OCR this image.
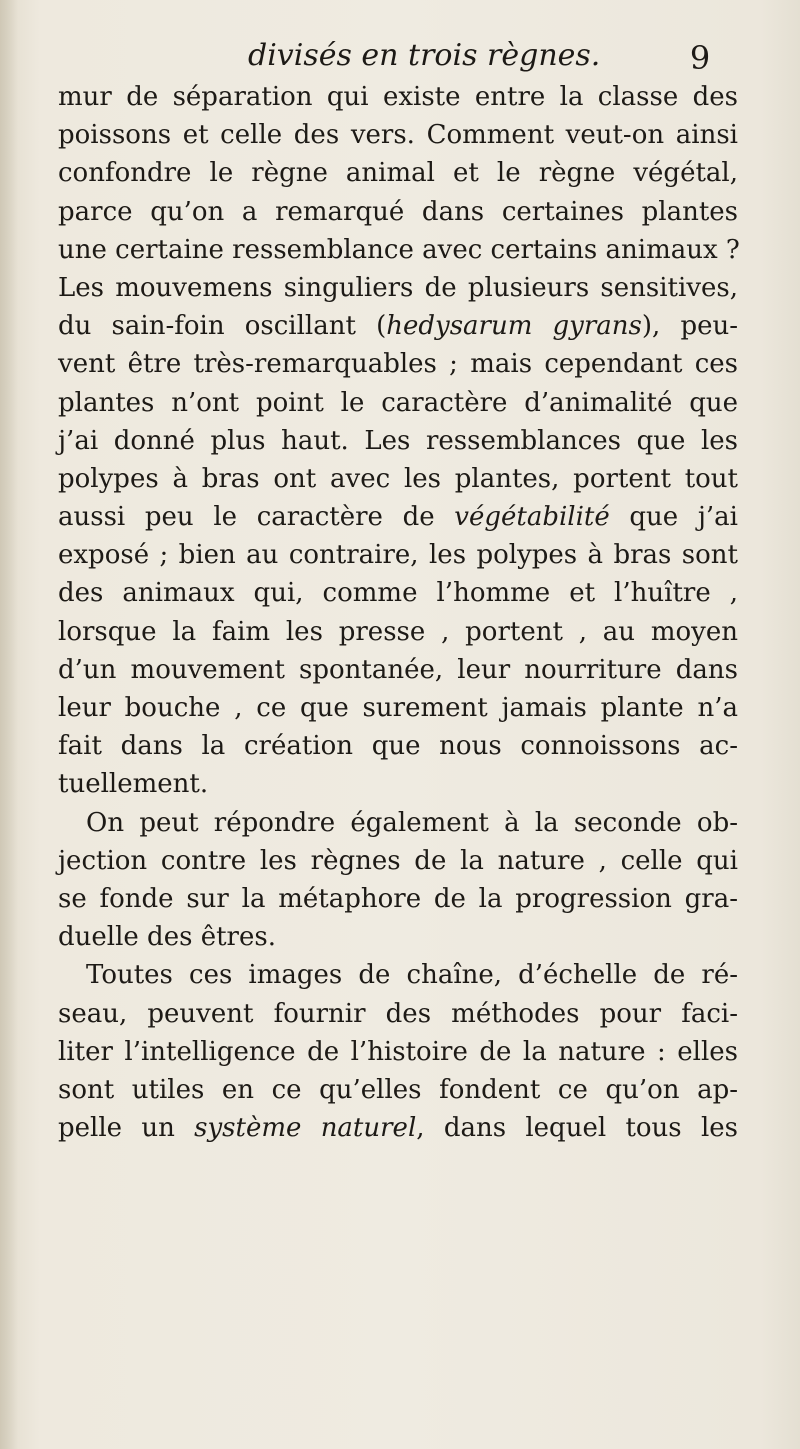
divisés en trois règnes.	9
mur de séparation qui existe entre la classe des
poissons et celle des vers. Comment veut-on ainsi
confondre le règne animal et le règne végétal,
parce qu’on a remarqué dans certaines plantes
une certaine ressemblance avec certains animaux ?
Les mouvemens singuliers de plusieurs sensitives,
du sain-foin oscillant (hedysarum gyrans), peu-
vent être très-remarquables ; mais cependant ces
plantes n’ont point le caractère d’animalité que
j’ai donné plus haut. Les ressemblances que les
polypes à bras ont avec les plantes, portent tout
aussi peu le caractère de végétabilité que j’ai
exposé ; bien au contraire, les polypes à bras sont
des animaux qui, comme l’homme et l’huître ,
lorsque la faim les presse , portent , au moyen
d’un mouvement spontanée, leur nourriture dans
leur bouche , ce que surement jamais plante n’a
fait dans la création que nous connoissons ac-
tuellement.
On peut répondre également à la seconde ob-
jection contre les règnes de la nature , celle qui
se fonde sur la métaphore de la progression gra-
duelle des êtres.
Toutes ces images de chaîne, d’échelle de ré-
seau, peuvent fournir des méthodes pour faci-
liter l’intelligence de l’histoire de la nature : elles
sont utiles en ce qu’elles fondent ce qu’on ap-
pelle un système naturel, dans lequel tous les
